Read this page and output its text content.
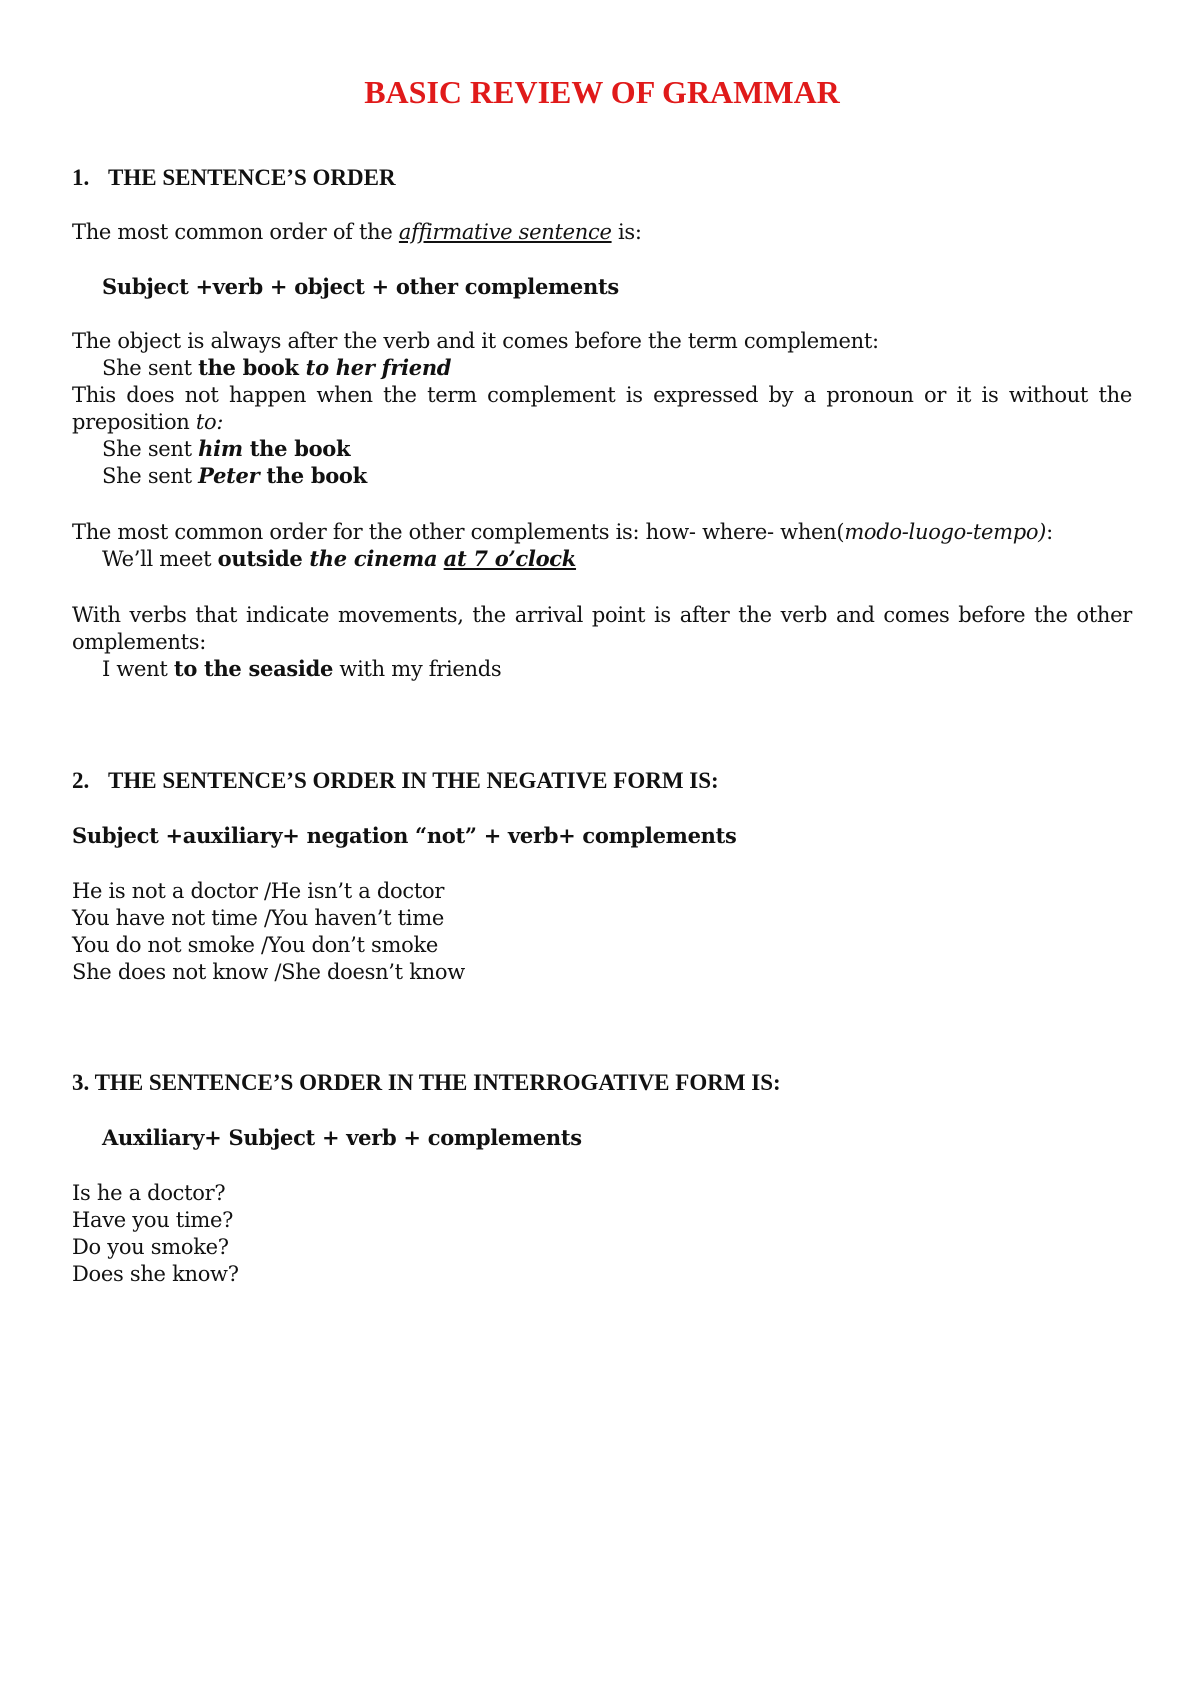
BASIC REVIEW OF GRAMMAR
1. THE SENTENCE’S ORDER
The most common order of the affirmative sentence is:
Subject +verb + object + other complements
The object is always after the verb and it comes before the term complement:
She sent the book to her friend
This does not happen when the term complement is expressed by a pronoun or it is without the
preposition to:
She sent him the book
She sent Peter the book
The most common order for the other complements is: how- where- when(modo-luogo-tempo):
We’ll meet outside the cinema at 7 o’clock
With verbs that indicate movements, the arrival point is after the verb and comes before the other
omplements:
I went to the seaside with my friends
2. THE SENTENCE’S ORDER IN THE NEGATIVE FORM IS:
Subject +auxiliary+ negation “not” + verb+ complements
He is not a doctor /He isn’t a doctor
You have not time /You haven’t time
You do not smoke /You don’t smoke
She does not know /She doesn’t know
3. THE SENTENCE’S ORDER IN THE INTERROGATIVE FORM IS:
Auxiliary+ Subject + verb + complements
Is he a doctor?
Have you time?
Do you smoke?
Does she know?
